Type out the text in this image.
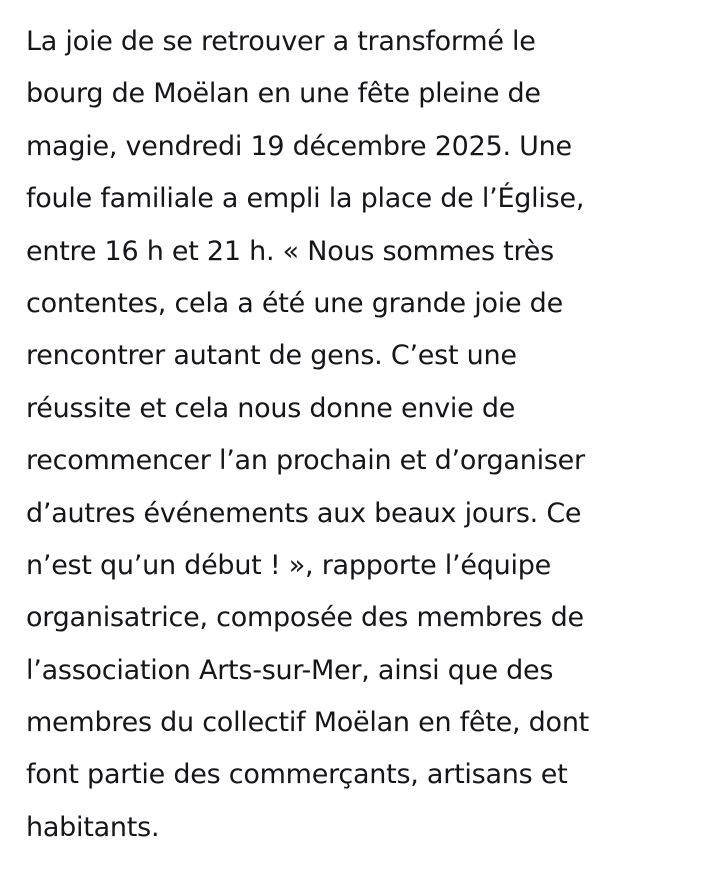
La joie de se retrouver a transformé le
bourg de Moëlan en une fête pleine de
magie, vendredi 19 décembre 2025. Une
foule familiale a empli la place de l’Église,
entre 16 h et 21 h. « Nous sommes très
contentes, cela a été une grande joie de
rencontrer autant de gens. C’est une
réussite et cela nous donne envie de
recommencer l’an prochain et d’organiser
d’autres événements aux beaux jours. Ce
n’est qu’un début ! », rapporte l’équipe
organisatrice, composée des membres de
l’association Arts-sur-Mer, ainsi que des
membres du collectif Moëlan en fête, dont
font partie des commerçants, artisans et
habitants.
